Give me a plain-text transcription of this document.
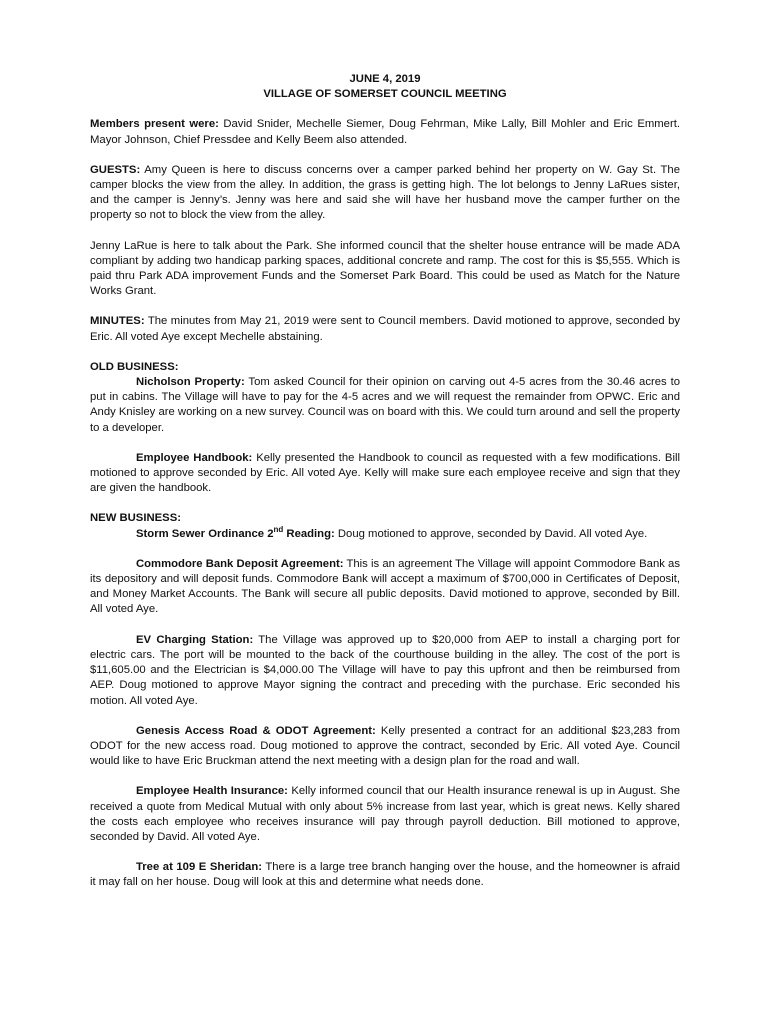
JUNE 4, 2019

VILLAGE OF SOMERSET COUNCIL MEETING

Members present were: David Snider, Mechelle Siemer, Doug Fehrman, Mike Lally, Bill Mohler and Eric Emmert. Mayor Johnson, Chief Pressdee and Kelly Beem also attended.

GUESTS: Amy Queen is here to discuss concerns over a camper parked behind her property on W. Gay St. The camper blocks the view from the alley. In addition, the grass is getting high. The lot belongs to Jenny LaRues sister, and the camper is Jenny’s. Jenny was here and said she will have her husband move the camper further on the property so not to block the view from the alley.

Jenny LaRue is here to talk about the Park. She informed council that the shelter house entrance will be made ADA compliant by adding two handicap parking spaces, additional concrete and ramp. The cost for this is $5,555. Which is paid thru Park ADA improvement Funds and the Somerset Park Board. This could be used as Match for the Nature Works Grant.

MINUTES: The minutes from May 21, 2019 were sent to Council members. David motioned to approve, seconded by Eric. All voted Aye except Mechelle abstaining.

OLD BUSINESS:

Nicholson Property: Tom asked Council for their opinion on carving out 4-5 acres from the 30.46 acres to put in cabins. The Village will have to pay for the 4-5 acres and we will request the remainder from OPWC. Eric and Andy Knisley are working on a new survey. Council was on board with this. We could turn around and sell the property to a developer.

Employee Handbook: Kelly presented the Handbook to council as requested with a few modifications. Bill motioned to approve seconded by Eric. All voted Aye. Kelly will make sure each employee receive and sign that they are given the handbook.

NEW BUSINESS:

Storm Sewer Ordinance 2nd Reading: Doug motioned to approve, seconded by David. All voted Aye.

Commodore Bank Deposit Agreement: This is an agreement The Village will appoint Commodore Bank as its depository and will deposit funds. Commodore Bank will accept a maximum of $700,000 in Certificates of Deposit, and Money Market Accounts. The Bank will secure all public deposits. David motioned to approve, seconded by Bill. All voted Aye.

EV Charging Station: The Village was approved up to $20,000 from AEP to install a charging port for electric cars. The port will be mounted to the back of the courthouse building in the alley. The cost of the port is $11,605.00 and the Electrician is $4,000.00 The Village will have to pay this upfront and then be reimbursed from AEP. Doug motioned to approve Mayor signing the contract and preceding with the purchase. Eric seconded his motion. All voted Aye.

Genesis Access Road & ODOT Agreement: Kelly presented a contract for an additional $23,283 from ODOT for the new access road. Doug motioned to approve the contract, seconded by Eric. All voted Aye. Council would like to have Eric Bruckman attend the next meeting with a design plan for the road and wall.

Employee Health Insurance: Kelly informed council that our Health insurance renewal is up in August. She received a quote from Medical Mutual with only about 5% increase from last year, which is great news. Kelly shared the costs each employee who receives insurance will pay through payroll deduction. Bill motioned to approve, seconded by David. All voted Aye.

Tree at 109 E Sheridan: There is a large tree branch hanging over the house, and the homeowner is afraid it may fall on her house. Doug will look at this and determine what needs done.
